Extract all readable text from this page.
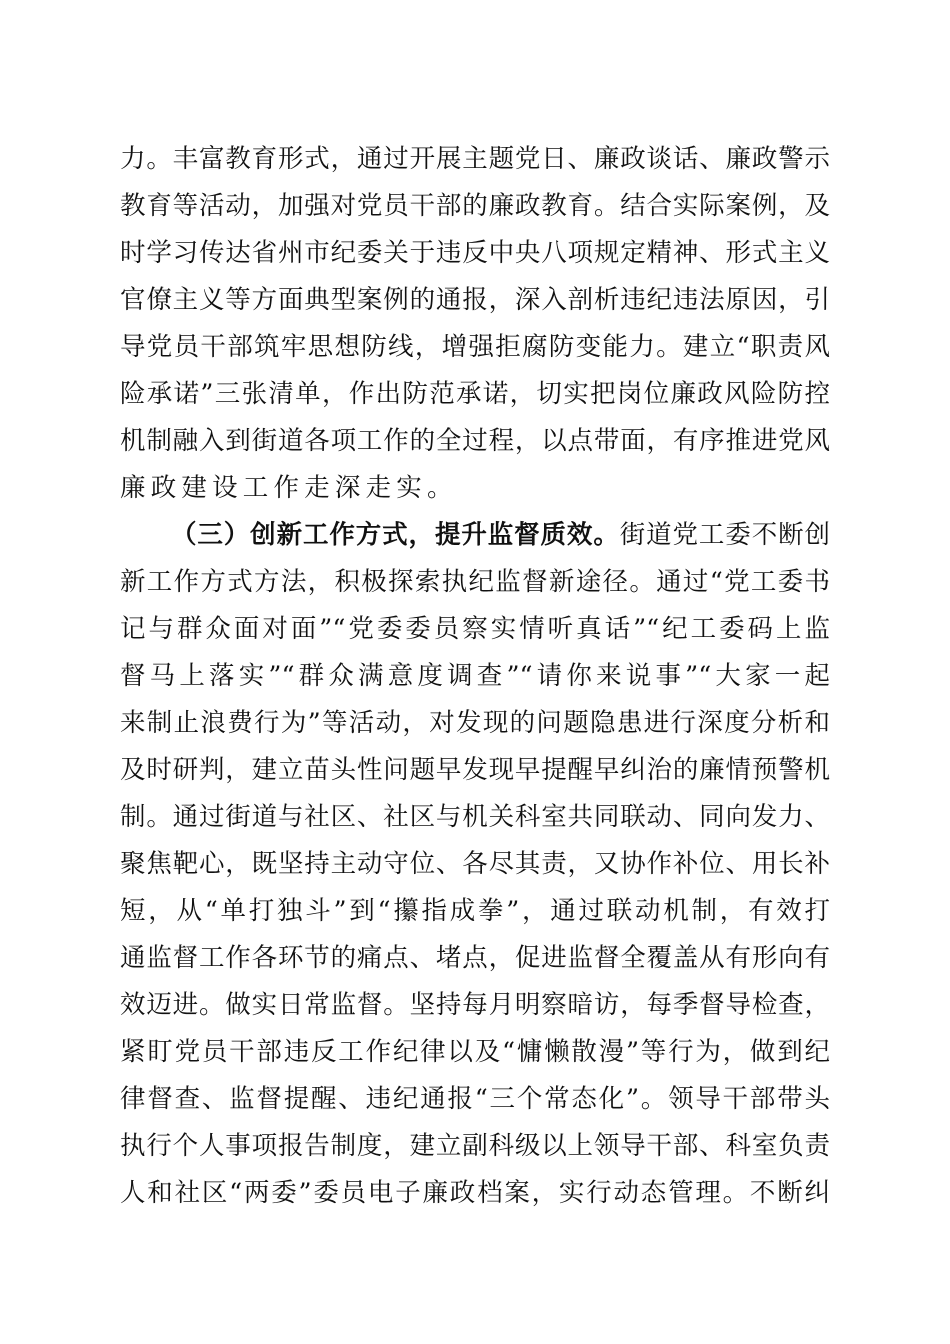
力。丰富教育形式，通过开展主题党日、廉政谈话、廉政警示
教育等活动，加强对党员干部的廉政教育。结合实际案例，及
时学习传达省州市纪委关于违反中央八项规定精神、形式主义
官僚主义等方面典型案例的通报，深入剖析违纪违法原因，引
导党员干部筑牢思想防线，增强拒腐防变能力。建立“职责风
险承诺”三张清单，作出防范承诺，切实把岗位廉政风险防控
机制融入到街道各项工作的全过程，以点带面，有序推进党风
廉政建设工作走深走实。
（三）创新工作方式，提升监督质效。街道党工委不断创
新工作方式方法，积极探索执纪监督新途径。通过“党工委书
记与群众面对面”“党委委员察实情听真话”“纪工委码上监
督马上落实”“群众满意度调查”“请你来说事”“大家一起
来制止浪费行为”等活动，对发现的问题隐患进行深度分析和
及时研判，建立苗头性问题早发现早提醒早纠治的廉情预警机
制。通过街道与社区、社区与机关科室共同联动、同向发力、
聚焦靶心，既坚持主动守位、各尽其责，又协作补位、用长补
短，从“单打独斗”到“攥指成拳”，通过联动机制，有效打
通监督工作各环节的痛点、堵点，促进监督全覆盖从有形向有
效迈进。做实日常监督。坚持每月明察暗访，每季督导检查，
紧盯党员干部违反工作纪律以及“慵懒散漫”等行为，做到纪
律督查、监督提醒、违纪通报“三个常态化”。领导干部带头
执行个人事项报告制度，建立副科级以上领导干部、科室负责
人和社区“两委”委员电子廉政档案，实行动态管理。不断纠
